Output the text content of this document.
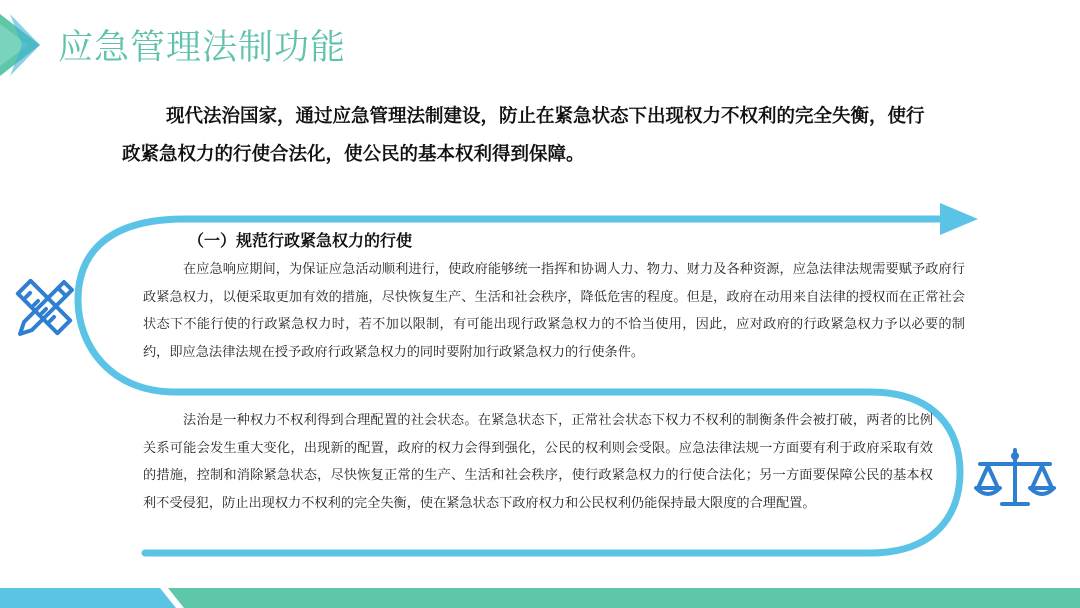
应急管理法制功能
现代法治国家，通过应急管理法制建设，防止在紧急状态下出现权力不权利的完全失衡，使行政紧急权力的行使合法化，使公民的基本权利得到保障。
（一）规范行政紧急权力的行使
在应急响应期间，为保证应急活动顺利进行，使政府能够统一指挥和协调人力、物力、财力及各种资源，应急法律法规需要赋予政府行政紧急权力，以便采取更加有效的措施，尽快恢复生产、生活和社会秩序，降低危害的程度。但是，政府在动用来自法律的授权而在正常社会状态下不能行使的行政紧急权力时，若不加以限制，有可能出现行政紧急权力的不恰当使用，因此，应对政府的行政紧急权力予以必要的制约，即应急法律法规在授予政府行政紧急权力的同时要附加行政紧急权力的行使条件。
法治是一种权力不权利得到合理配置的社会状态。在紧急状态下，正常社会状态下权力不权利的制衡条件会被打破，两者的比例关系可能会发生重大变化，出现新的配置，政府的权力会得到强化，公民的权利则会受限。应急法律法规一方面要有利于政府采取有效的措施，控制和消除紧急状态，尽快恢复正常的生产、生活和社会秩序，使行政紧急权力的行使合法化；另一方面要保障公民的基本权利不受侵犯，防止出现权力不权利的完全失衡，使在紧急状态下政府权力和公民权利仍能保持最大限度的合理配置。
